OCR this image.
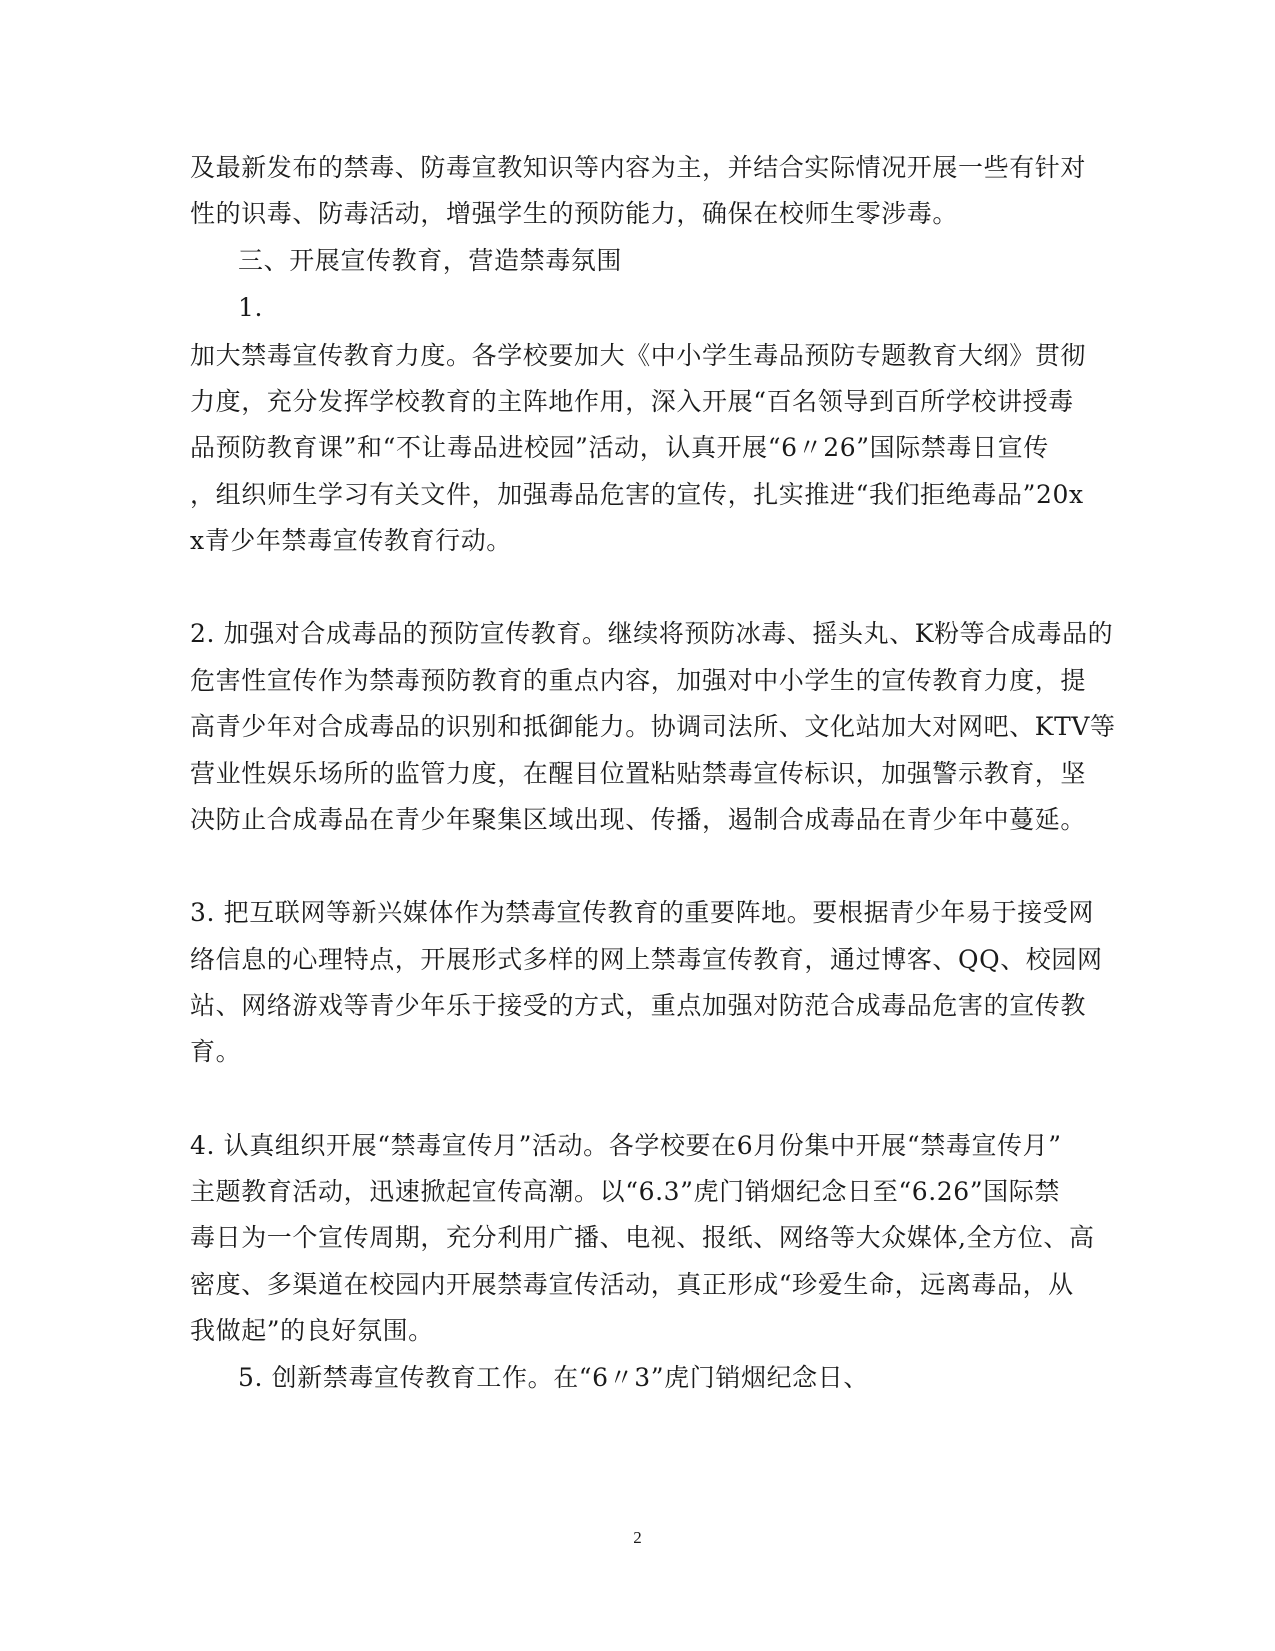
及最新发布的禁毒、防毒宣教知识等内容为主，并结合实际情况开展一些有针对
性的识毒、防毒活动，增强学生的预防能力，确保在校师生零涉毒。
三、开展宣传教育，营造禁毒氛围
1.
加大禁毒宣传教育力度。各学校要加大《中小学生毒品预防专题教育大纲》贯彻
力度，充分发挥学校教育的主阵地作用，深入开展“百名领导到百所学校讲授毒
品预防教育课”和“不让毒品进校园”活动，认真开展“6〃26”国际禁毒日宣传
，组织师生学习有关文件，加强毒品危害的宣传，扎实推进“我们拒绝毒品”20x
x青少年禁毒宣传教育行动。
2. 加强对合成毒品的预防宣传教育。继续将预防冰毒、摇头丸、K粉等合成毒品的
危害性宣传作为禁毒预防教育的重点内容，加强对中小学生的宣传教育力度，提
高青少年对合成毒品的识别和抵御能力。协调司法所、文化站加大对网吧、KTV等
营业性娱乐场所的监管力度，在醒目位置粘贴禁毒宣传标识，加强警示教育，坚
决防止合成毒品在青少年聚集区域出现、传播，遏制合成毒品在青少年中蔓延。
3. 把互联网等新兴媒体作为禁毒宣传教育的重要阵地。要根据青少年易于接受网
络信息的心理特点，开展形式多样的网上禁毒宣传教育，通过博客、QQ、校园网
站、网络游戏等青少年乐于接受的方式，重点加强对防范合成毒品危害的宣传教
育。
4. 认真组织开展“禁毒宣传月”活动。各学校要在6月份集中开展“禁毒宣传月”
主题教育活动，迅速掀起宣传高潮。以“6.3”虎门销烟纪念日至“6.26”国际禁
毒日为一个宣传周期，充分利用广播、电视、报纸、网络等大众媒体,全方位、高
密度、多渠道在校园内开展禁毒宣传活动，真正形成“珍爱生命，远离毒品，从
我做起”的良好氛围。
5. 创新禁毒宣传教育工作。在“6〃3”虎门销烟纪念日、
2
